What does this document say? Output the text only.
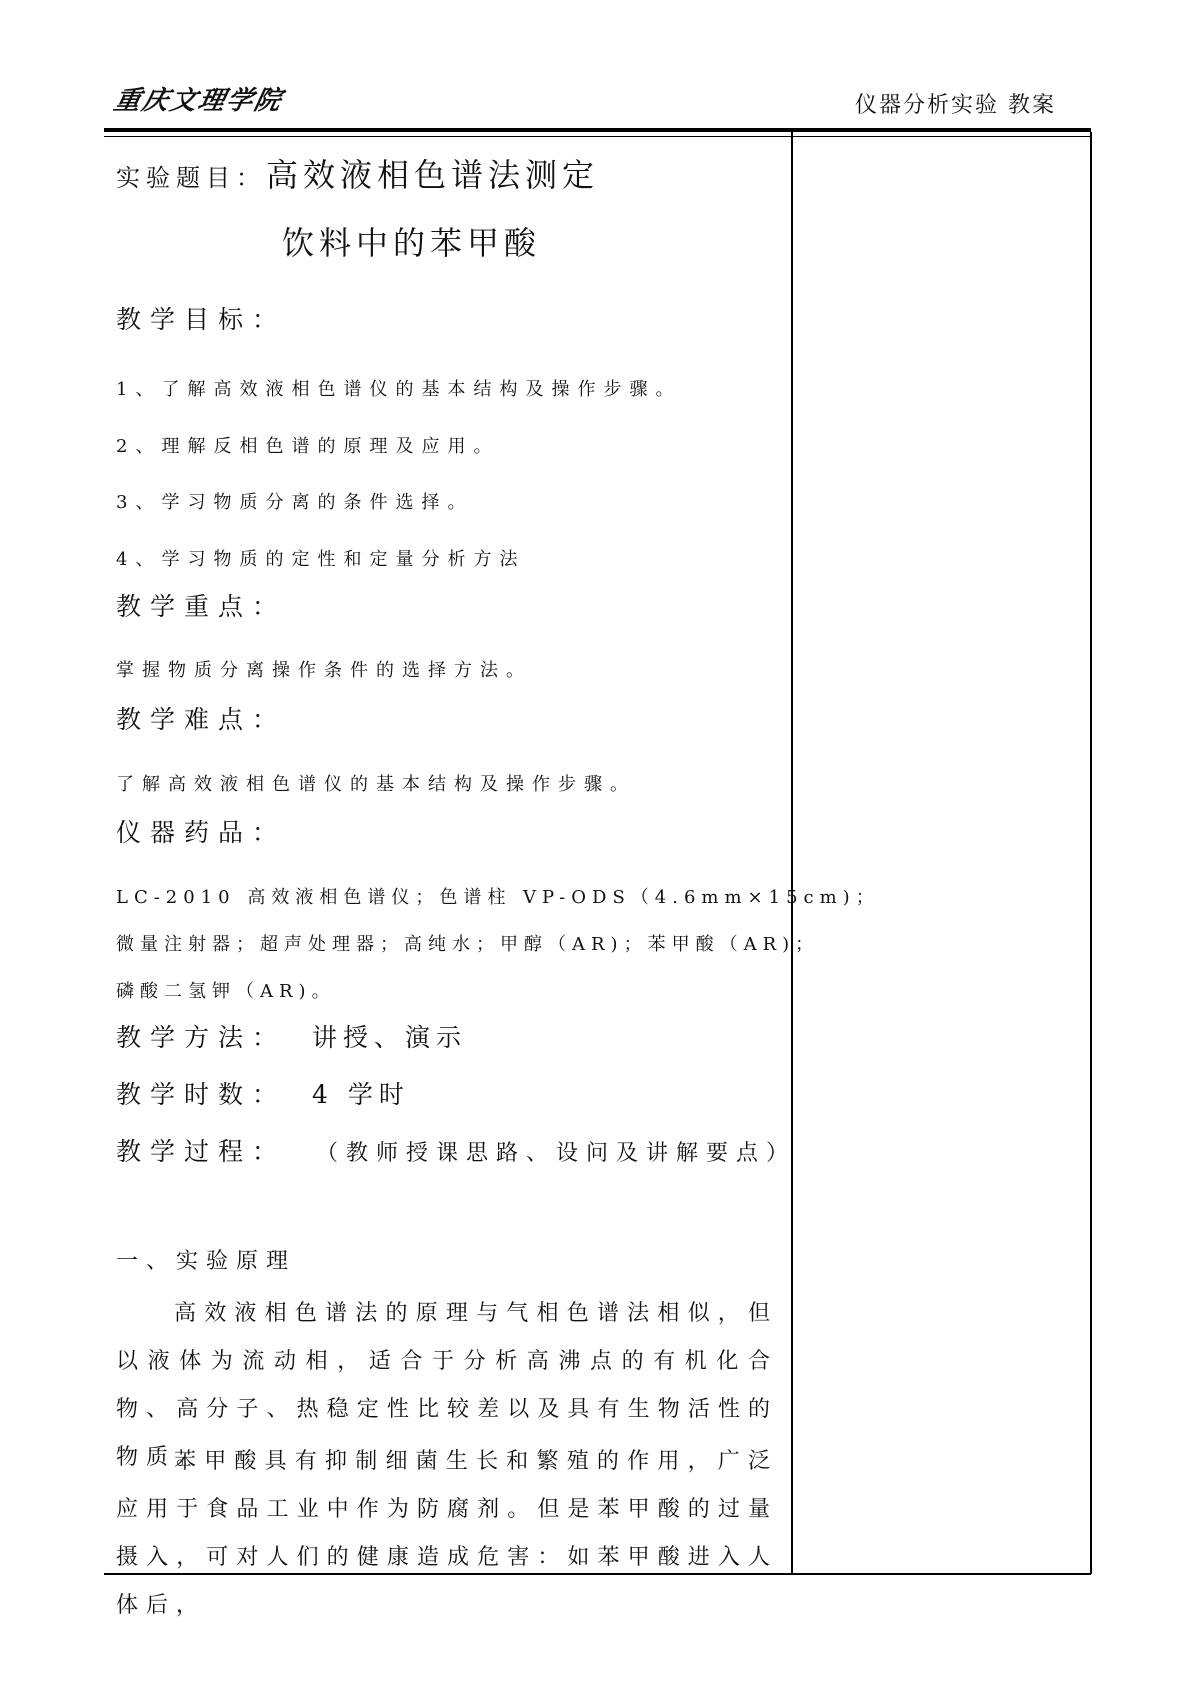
重庆文理学院	仪器分析实验 教案
实验题目： 高效液相色谱法测定
饮料中的苯甲酸
教学目标：
1、了解高效液相色谱仪的基本结构及操作步骤。
2、理解反相色谱的原理及应用。
3、学习物质分离的条件选择。
4、学习物质的定性和定量分析方法
教学重点：
掌握物质分离操作条件的选择方法。
教学难点：
了解高效液相色谱仪的基本结构及操作步骤。
仪器药品：
LC-2010 高效液相色谱仪；色谱柱 VP-ODS（4.6mm×15cm)；
微量注射器；超声处理器；高纯水；甲醇（AR)；苯甲酸（AR)；
磷酸二氢钾（AR)。
教学方法： 讲授、演示
教学时数： 4 学时
教学过程： （教师授课思路、设问及讲解要点）
一、实验原理
高效液相色谱法的原理与气相色谱法相似，但以液体为流动相，适合于分析高沸点的有机化合物、高分子、热稳定性比较差以及具有生物活性的物质。
苯甲酸具有抑制细菌生长和繁殖的作用，广泛应用于食品工业中作为防腐剂。但是苯甲酸的过量摄入，可对人们的健康造成危害：如苯甲酸进入人体后，
